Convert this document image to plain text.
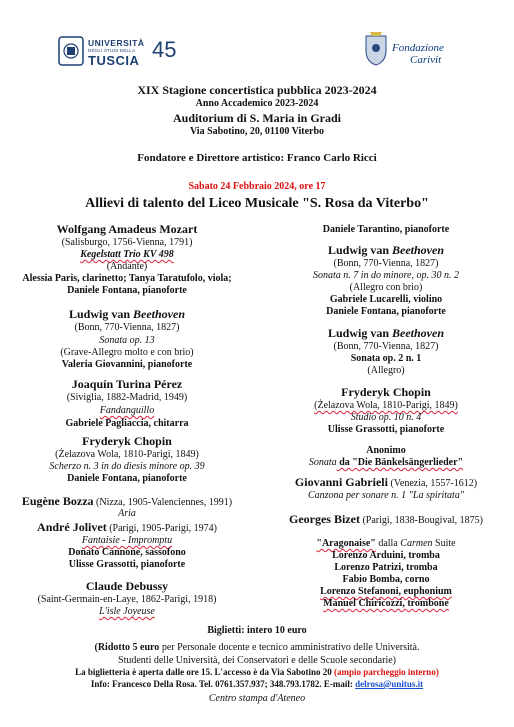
UNIVERSITÀ
DEGLI STUDI DELLA
TUSCIA 45	Fondazione
Carivit
XIX Stagione concertistica pubblica 2023-2024
Anno Accademico 2023-2024
Auditorium di S. Maria in Gradi
Via Sabotino, 20, 01100 Viterbo
Fondatore e Direttore artistico: Franco Carlo Ricci
Sabato 24 Febbraio 2024, ore 17
Allievi di talento del Liceo Musicale "S. Rosa da Viterbo"
Wolfgang Amadeus Mozart
(Salisburgo, 1756-Vienna, 1791)
Kegelstatt Trio KV 498
(Andante)
Alessia Paris, clarinetto; Tanya Taratufolo, viola;
Daniele Fontana, pianoforte
Ludwig van Beethoven
(Bonn, 770-Vienna, 1827)
Sonata op. 13
(Grave-Allegro molto e con brio)
Valeria Giovannini, pianoforte
Joaquín Turina Pérez
(Siviglia, 1882-Madrid, 1949)
Fandanguillo
Gabriele Pagliaccia, chitarra
Fryderyk Chopin
(Żelazova Wola, 1810-Parigi, 1849)
Scherzo n. 3 in do diesis minore op. 39
Daniele Fontana, pianoforte
Eugène Bozza (Nizza, 1905-Valenciennes, 1991)
Aria
André Jolivet (Parigi, 1905-Parigi, 1974)
Fantaisie - Impromptu
Donato Cannone, sassofono
Ulisse Grassotti, pianoforte
Claude Debussy
(Saint-Germain-en-Laye, 1862-Parigi, 1918)
L'isle Joyeuse
Daniele Tarantino, pianoforte
Ludwig van Beethoven
(Bonn, 770-Vienna, 1827)
Sonata n. 7 in do minore, op. 30 n. 2
(Allegro con brio)
Gabriele Lucarelli, violino
Daniele Fontana, pianoforte
Ludwig van Beethoven
(Bonn, 770-Vienna, 1827)
Sonata op. 2 n. 1
(Allegro)
Fryderyk Chopin
(Żelazova Wola, 1810-Parigi, 1849)
Studio op. 10 n. 4
Ulisse Grassotti, pianoforte
Anonimo
Sonata da "Die Bänkelsängerlieder"
Giovanni Gabrieli (Venezia, 1557-1612)
Canzona per sonare n. 1 "La spiritata"
Georges Bizet (Parigi, 1838-Bougival, 1875)
"Aragonaise" dalla Carmen Suite
Lorenzo Arduini, tromba
Lorenzo Patrizi, tromba
Fabio Bomba, corno
Lorenzo Stefanoni, euphonium
Manuel Chiricozzi, trombone
Biglietti: intero 10 euro
(Ridotto 5 euro per Personale docente e tecnico amministrativo delle Università.
Studenti delle Università, dei Conservatori e delle Scuole secondarie)
La biglietteria è aperta dalle ore 15. L'accesso è da Via Sabotino 20 (ampio parcheggio interno)
Info: Francesco Della Rosa. Tel. 0761.357.937; 348.793.1782. E-mail: delrosa@unitus.it
Centro stampa d'Ateneo
